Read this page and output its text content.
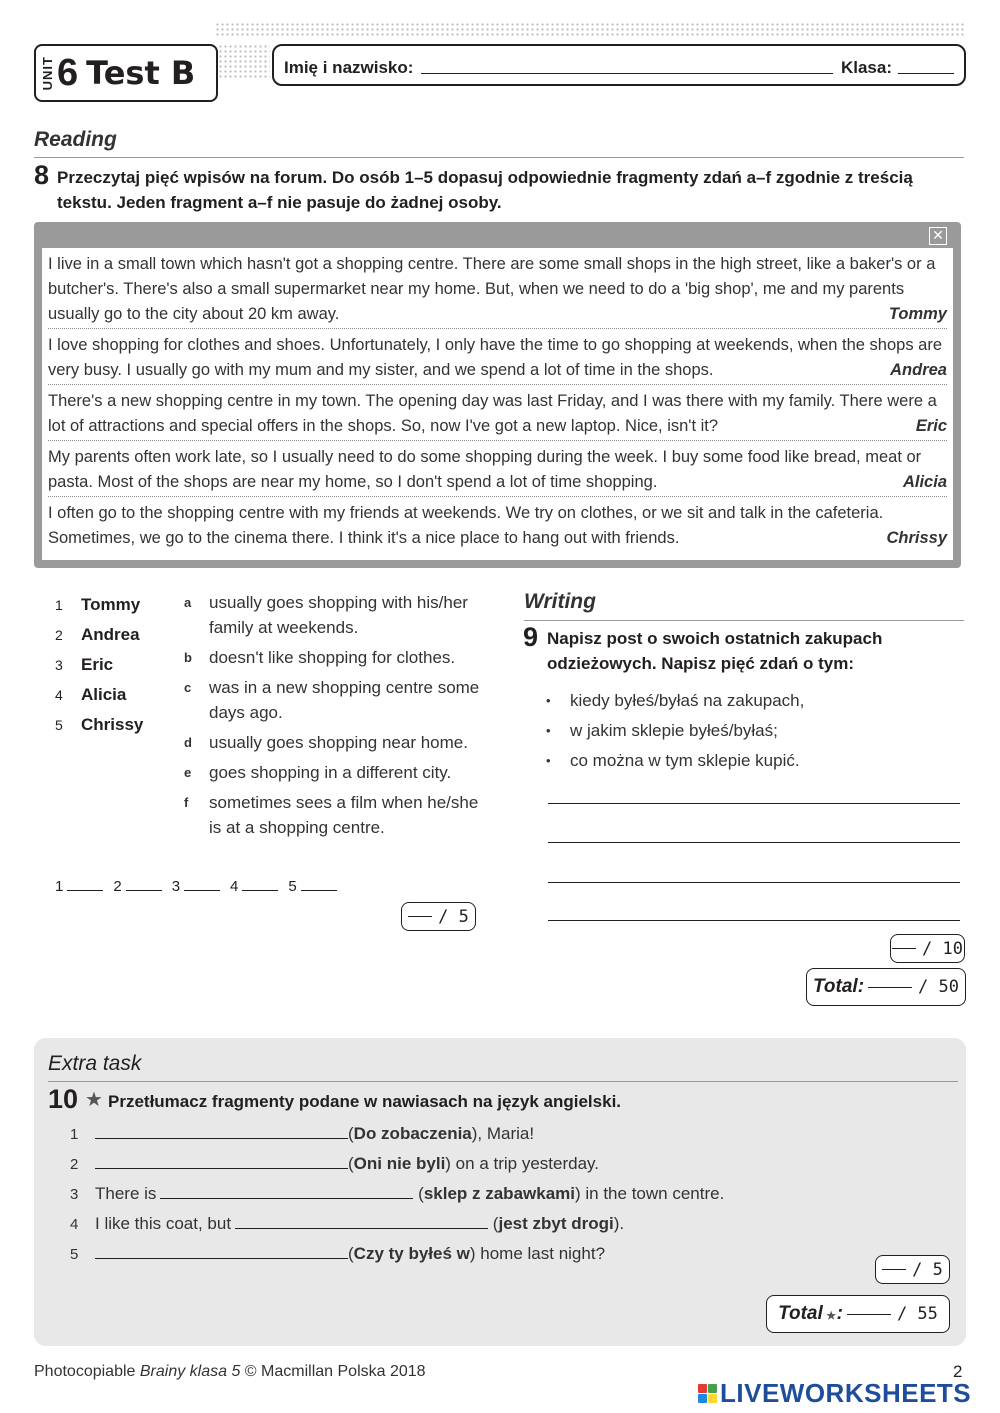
UNIT 6 Test B	Imię i nazwisko:	Klasa:
Reading
8 Przeczytaj pięć wpisów na forum. Do osób 1–5 dopasuj odpowiednie fragmenty zdań a–f zgodnie z treścią tekstu. Jeden fragment a–f nie pasuje do żadnej osoby.
✕
I live in a small town which hasn't got a shopping centre. There are some small shops in the high street, like a baker's or a butcher's. There's also a small supermarket near my home. But, when we need to do a 'big shop', me and my parents usually go to the city about 20 km away.	Tommy
I love shopping for clothes and shoes. Unfortunately, I only have the time to go shopping at weekends, when the shops are very busy. I usually go with my mum and my sister, and we spend a lot of time in the shops.	Andrea
There's a new shopping centre in my town. The opening day was last Friday, and I was there with my family. There were a lot of attractions and special offers in the shops. So, now I've got a new laptop. Nice, isn't it?	Eric
My parents often work late, so I usually need to do some shopping during the week. I buy some food like bread, meat or pasta. Most of the shops are near my home, so I don't spend a lot of time shopping.	Alicia
I often go to the shopping centre with my friends at weekends. We try on clothes, or we sit and talk in the cafeteria. Sometimes, we go to the cinema there. I think it's a nice place to hang out with friends.	Chrissy
1	Tommy
2	Andrea
3	Eric
4	Alicia
5	Chrissy
a	usually goes shopping with his/her family at weekends.
b	doesn't like shopping for clothes.
c	was in a new shopping centre some days ago.
d	usually goes shopping near home.
e	goes shopping in a different city.
f	sometimes sees a film when he/she is at a shopping centre.
1	2	3	4	5
/ 5
Writing
9 Napisz post o swoich ostatnich zakupach odzieżowych. Napisz pięć zdań o tym:
•	kiedy byłeś/byłaś na zakupach,
•	w jakim sklepie byłeś/byłaś;
•	co można w tym sklepie kupić.
/ 10
Total:	/ 50
Extra task
10 ★ Przetłumacz fragmenty podane w nawiasach na język angielski.
1	( Do zobaczenia ), Maria!
2	( Oni nie byli ) on a trip yesterday.
3 There is	( sklep z zabawkami ) in the town centre.
4 I like this coat, but	( jest zbyt drogi ).
5	( Czy ty byłeś w ) home last night?
/ 5
Total ★ :	/ 55
Photocopiable Brainy klasa 5 © Macmillan Polska 2018	2
LIVEWORKSHEETS
